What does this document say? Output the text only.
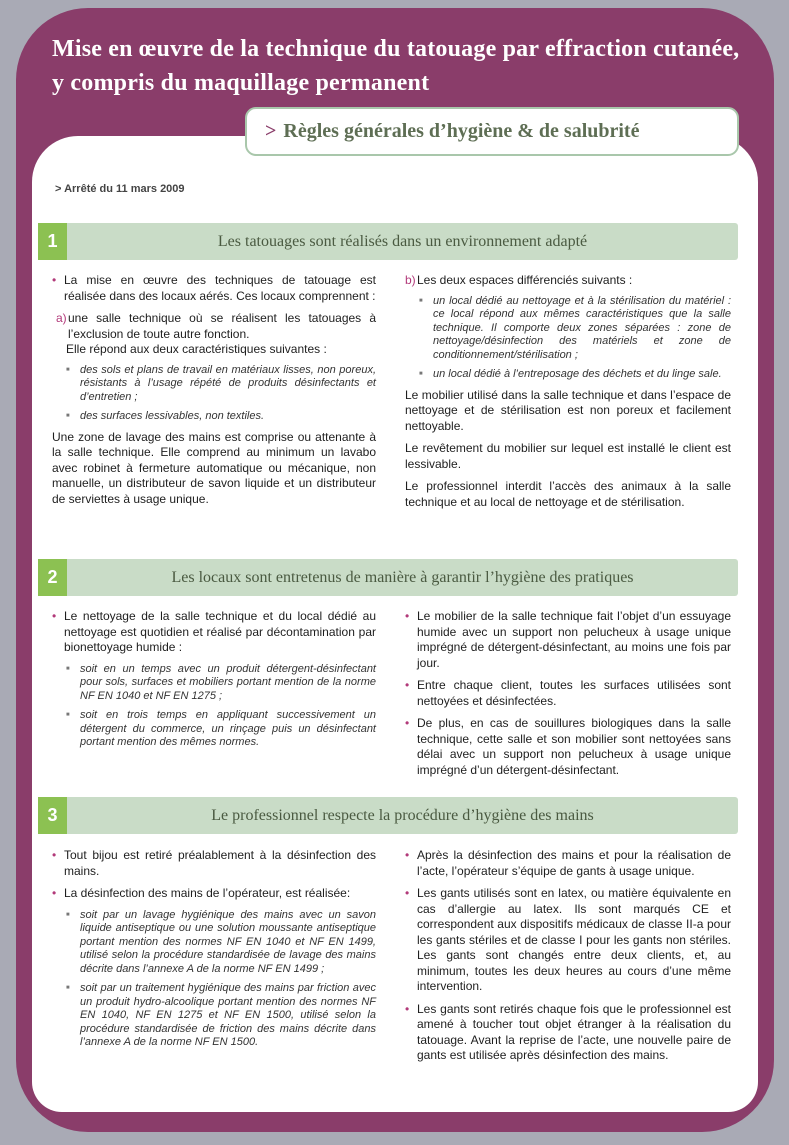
Mise en œuvre de la technique du tatouage par effraction cutanée, y compris du maquillage permanent
> Règles générales d’hygiène & de salubrité
> Arrêté du 11 mars 2009
1	Les tatouages sont réalisés dans un environnement adapté
• La mise en œuvre des techniques de tatouage est réalisée dans des locaux aérés. Ces locaux comprennent :
a) une salle technique où se réalisent les tatouages à l’exclusion de toute autre fonction.
Elle répond aux deux caractéristiques suivantes :
■ des sols et plans de travail en matériaux lisses, non poreux, résistants à l’usage répété de produits désinfectants et d’entretien ;
■ des surfaces lessivables, non textiles.

Une zone de lavage des mains est comprise ou attenante à la salle technique. Elle comprend au minimum un lavabo avec robinet à fermeture automatique ou mécanique, non manuelle, un distributeur de savon liquide et un distributeur de serviettes à usage unique.

b) Les deux espaces différenciés suivants :
■ un local dédié au nettoyage et à la stérilisation du matériel : ce local répond aux mêmes caractéristiques que la salle technique. Il comporte deux zones séparées : zone de nettoyage/désinfection des matériels et zone de conditionnement/stérilisation ;
■ un local dédié à l’entreposage des déchets et du linge sale.

Le mobilier utilisé dans la salle technique et dans l’espace de nettoyage et de stérilisation est non poreux et facilement nettoyable.

Le revêtement du mobilier sur lequel est installé le client est lessivable.

Le professionnel interdit l’accès des animaux à la salle technique et au local de nettoyage et de stérilisation.

2	Les locaux sont entretenus de manière à garantir l’hygiène des pratiques
• Le nettoyage de la salle technique et du local dédié au nettoyage est quotidien et réalisé par décontamination par bionettoyage humide :
■ soit en un temps avec un produit détergent-désinfectant pour sols, surfaces et mobiliers portant mention de la norme NF EN 1040 et NF EN 1275 ;
■ soit en trois temps en appliquant successivement un détergent du commerce, un rinçage puis un désinfectant portant mention des mêmes normes.
• Le mobilier de la salle technique fait l’objet d’un essuyage humide avec un support non pelucheux à usage unique imprégné de détergent-désinfectant, au moins une fois par jour.
• Entre chaque client, toutes les surfaces utilisées sont nettoyées et désinfectées.
• De plus, en cas de souillures biologiques dans la salle technique, cette salle et son mobilier sont nettoyées sans délai avec un support non pelucheux à usage unique imprégné d’un détergent-désinfectant.
3	Le professionnel respecte la procédure d’hygiène des mains
• Tout bijou est retiré préalablement à la désinfection des mains.
• La désinfection des mains de l’opérateur, est réalisée:
■ soit par un lavage hygiénique des mains avec un savon liquide antiseptique ou une solution moussante antiseptique portant mention des normes NF EN 1040 et NF EN 1499, utilisé selon la procédure standardisée de lavage des mains décrite dans l’annexe A de la norme NF EN 1499 ;
■ soit par un traitement hygiénique des mains par friction avec un produit hydro-alcoolique portant mention des normes NF EN 1040, NF EN 1275 et NF EN 1500, utilisé selon la procédure standardisée de friction des mains décrite dans l’annexe A de la norme NF EN 1500.
• Après la désinfection des mains et pour la réalisation de l’acte, l’opérateur s’équipe de gants à usage unique.
• Les gants utilisés sont en latex, ou matière équivalente en cas d’allergie au latex. Ils sont marqués CE et correspondent aux dispositifs médicaux de classe II-a pour les gants stériles et de classe I pour les gants non stériles. Les gants sont changés entre deux clients, et, au minimum, toutes les deux heures au cours d’une même intervention.
• Les gants sont retirés chaque fois que le professionnel est amené à toucher tout objet étranger à la réalisation du tatouage. Avant la reprise de l’acte, une nouvelle paire de gants est utilisée après désinfection des mains.
